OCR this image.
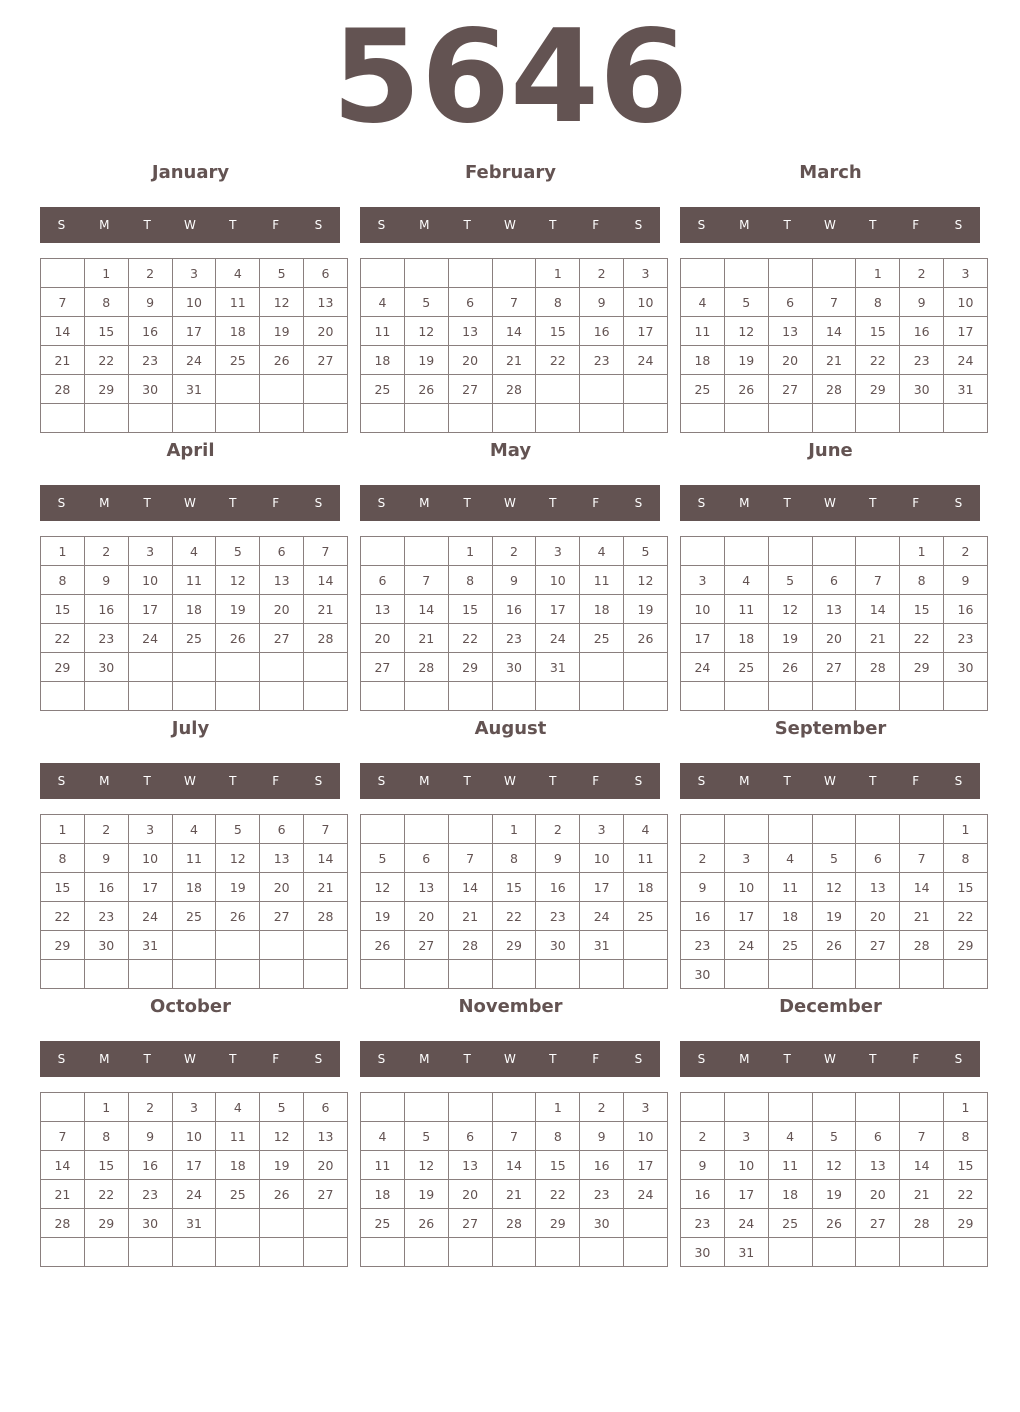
5646
January
S	M	T	W	T	F	S
	1	2	3	4	5	6
7	8	9	10	11	12	13
14	15	16	17	18	19	20
21	22	23	24	25	26	27
28	29	30	31			

February
S	M	T	W	T	F	S
				1	2	3
4	5	6	7	8	9	10
11	12	13	14	15	16	17
18	19	20	21	22	23	24
25	26	27	28			

March
S	M	T	W	T	F	S
				1	2	3
4	5	6	7	8	9	10
11	12	13	14	15	16	17
18	19	20	21	22	23	24
25	26	27	28	29	30	31

April
S	M	T	W	T	F	S
1	2	3	4	5	6	7
8	9	10	11	12	13	14
15	16	17	18	19	20	21
22	23	24	25	26	27	28
29	30					

May
S	M	T	W	T	F	S
		1	2	3	4	5
6	7	8	9	10	11	12
13	14	15	16	17	18	19
20	21	22	23	24	25	26
27	28	29	30	31		

June
S	M	T	W	T	F	S
					1	2
3	4	5	6	7	8	9
10	11	12	13	14	15	16
17	18	19	20	21	22	23
24	25	26	27	28	29	30

July
S	M	T	W	T	F	S
1	2	3	4	5	6	7
8	9	10	11	12	13	14
15	16	17	18	19	20	21
22	23	24	25	26	27	28
29	30	31				

August
S	M	T	W	T	F	S
			1	2	3	4
5	6	7	8	9	10	11
12	13	14	15	16	17	18
19	20	21	22	23	24	25
26	27	28	29	30	31	

September
S	M	T	W	T	F	S
						1
2	3	4	5	6	7	8
9	10	11	12	13	14	15
16	17	18	19	20	21	22
23	24	25	26	27	28	29
30						
October
S	M	T	W	T	F	S
	1	2	3	4	5	6
7	8	9	10	11	12	13
14	15	16	17	18	19	20
21	22	23	24	25	26	27
28	29	30	31			

November
S	M	T	W	T	F	S
				1	2	3
4	5	6	7	8	9	10
11	12	13	14	15	16	17
18	19	20	21	22	23	24
25	26	27	28	29	30	

December
S	M	T	W	T	F	S
						1
2	3	4	5	6	7	8
9	10	11	12	13	14	15
16	17	18	19	20	21	22
23	24	25	26	27	28	29
30	31					
